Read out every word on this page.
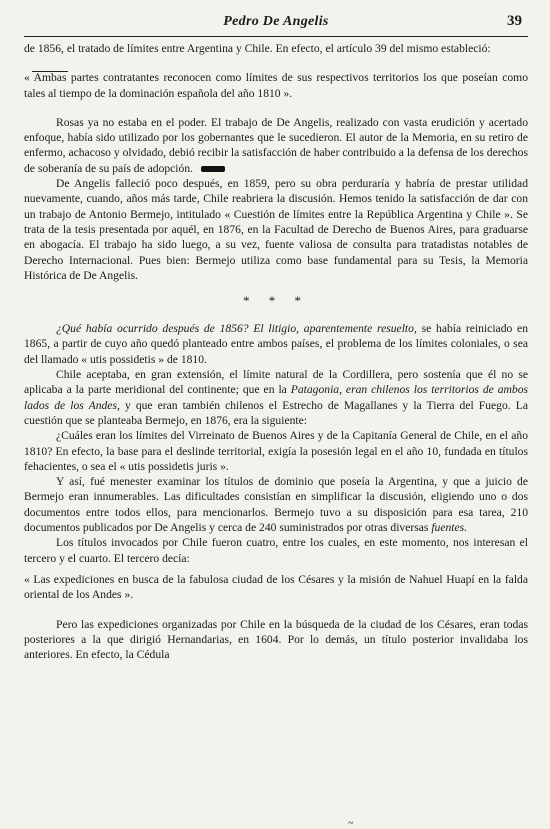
Pedro De Angelis	39

de 1856, el tratado de límites entre Argentina y Chile. En efecto, el artículo 39 del mismo estableció:

« Ambas partes contratantes reconocen como límites de sus respectivos territorios los que poseían como tales al tiempo de la dominación española del año 1810 ».

Rosas ya no estaba en el poder. El trabajo de De Angelis, realizado con vasta erudición y acertado enfoque, había sido utilizado por los gobernantes que le sucedieron. El autor de la Memoria, en su retiro de enfermo, achacoso y olvidado, debió recibir la satisfacción de haber contribuido a la defensa de los derechos de soberanía de su país de adopción.

De Angelis falleció poco después, en 1859, pero su obra perduraría y habría de prestar utilidad nuevamente, cuando, años más tarde, Chile reabriera la discusión. Hemos tenido la satisfacción de dar con un trabajo de Antonio Bermejo, intitulado « Cuestión de límites entre la República Argentina y Chile ». Se trata de la tesis presentada por aquél, en 1876, en la Facultad de Derecho de Buenos Aires, para graduarse en abogacía. El trabajo ha sido luego, a su vez, fuente valiosa de consulta para tratadistas notables de Derecho Internacional. Pues bien: Bermejo utiliza como base fundamental para su Tesis, la Memoria Histórica de De Angelis.

* * *

¿Qué había ocurrido después de 1856? El litigio, aparentemente resuelto, se había reiniciado en 1865, a partir de cuyo año quedó planteado entre ambos países, el problema de los límites coloniales, o sea del llamado « utis possidetis » de 1810.

Chile aceptaba, en gran extensión, el límite natural de la Cordillera, pero sostenía que él no se aplicaba a la parte meridional del continente; que en la Patagonia, eran chilenos los territorios de ambos lados de los Andes, y que eran también chilenos el Estrecho de Magallanes y la Tierra del Fuego. La cuestión que se planteaba Bermejo, en 1876, era la siguiente:

¿Cuáles eran los límites del Virreinato de Buenos Aires y de la Capitanía General de Chile, en el año 1810? En efecto, la base para el deslinde territorial, exigía la posesión legal en el año 10, fundada en títulos fehacientes, o sea el « utis possidetis juris ».

Y así, fué menester examinar los títulos de dominio que poseía la Argentina, y que a juicio de Bermejo eran innumerables. Las dificultades consistían en simplificar la discusión, eligiendo uno o dos documentos entre todos ellos, para mencionarlos. Bermejo tuvo a su disposición para esa tarea, 210 documentos publicados por De Angelis y cerca de 240 suministrados por otras diversas fuentes.

Los títulos invocados por Chile fueron cuatro, entre los cuales, en este momento, nos interesan el tercero y el cuarto. El tercero decía:

« Las expediciones en busca de la fabulosa ciudad de los Césares y la misión de Nahuel Huapí en la falda oriental de los Andes ».

Pero las expediciones organizadas por Chile en la búsqueda de la ciudad de los Césares, eran todas posteriores a la que dirigió Hernandarias, en 1604. Por lo demás, un título posterior invalidaba los anteriores. En efecto, la Cédula

~
